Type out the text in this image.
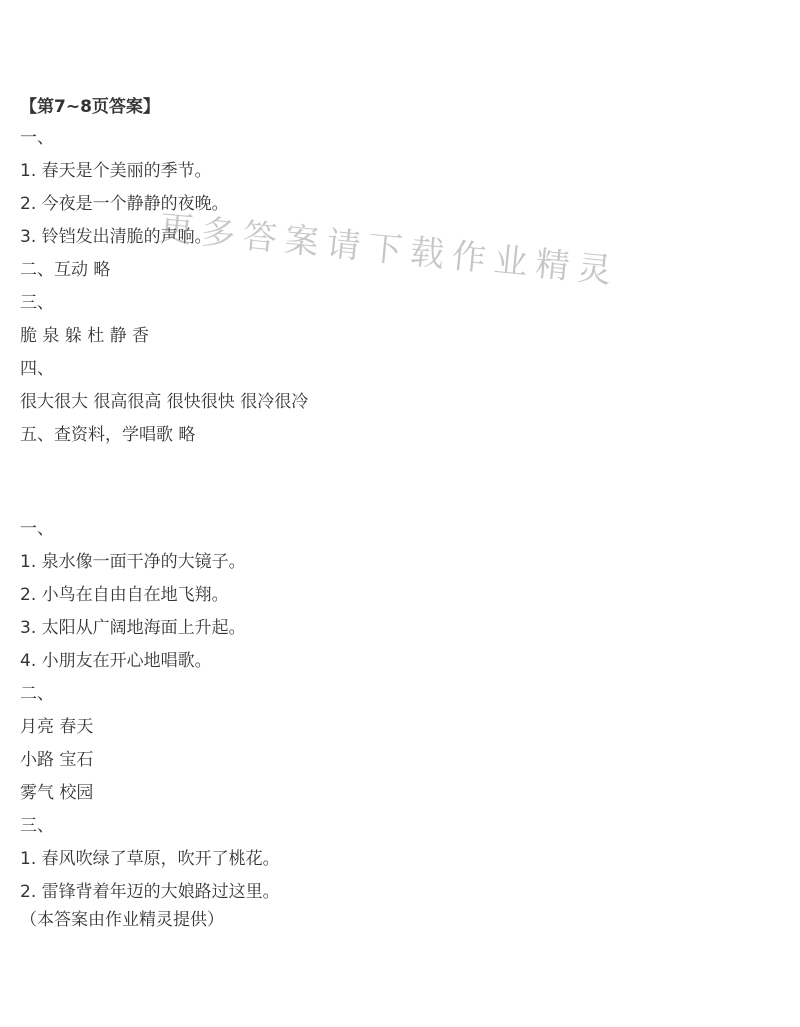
【第7~8页答案】
一、
1. 春天是个美丽的季节。
2. 今夜是一个静静的夜晚。
3. 铃铛发出清脆的声响。
二、互动 略
三、
脆 泉 躲 杜 静 香
四、
很大很大 很高很高 很快很快 很冷很冷
五、查资料，学唱歌 略
一、
1. 泉水像一面干净的大镜子。
2. 小鸟在自由自在地飞翔。
3. 太阳从广阔地海面上升起。
4. 小朋友在开心地唱歌。
二、
月亮 春天
小路 宝石
雾气 校园
三、
1. 春风吹绿了草原，吹开了桃花。
2. 雷锋背着年迈的大娘路过这里。
（本答案由作业精灵提供）
更多答案请下载作业精灵
